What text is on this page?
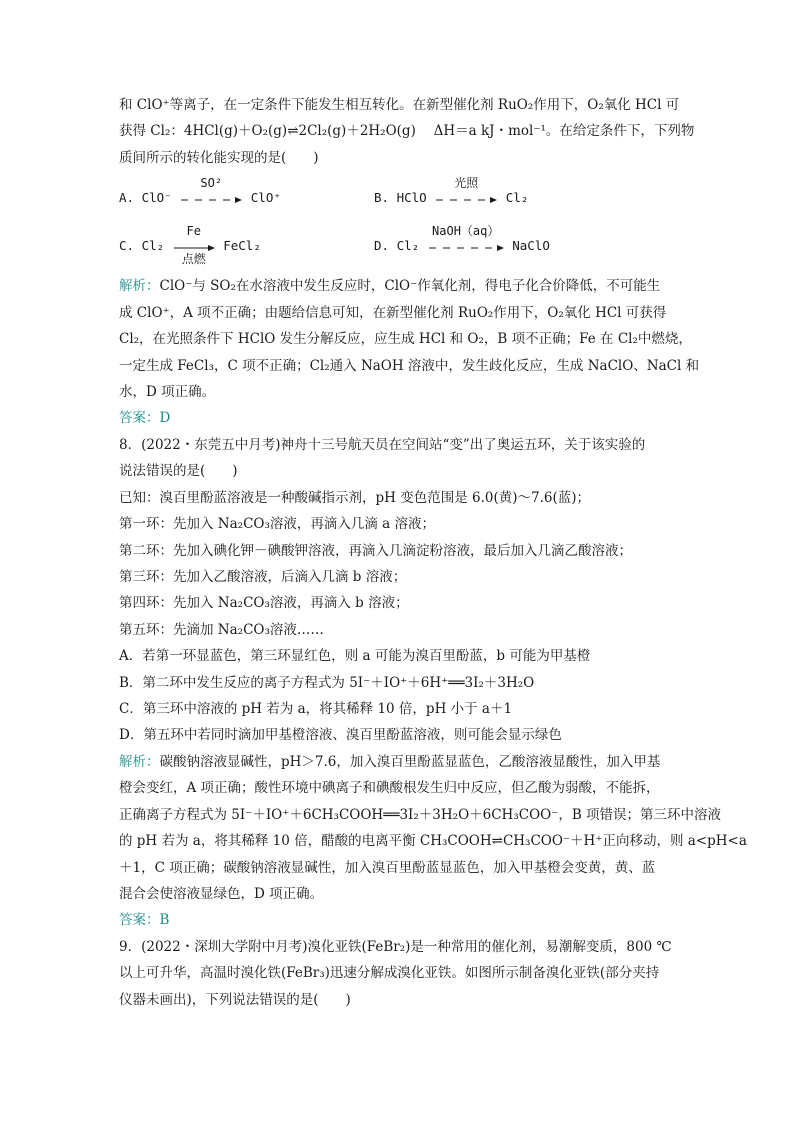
和 ClO⁺等离子，在一定条件下能发生相互转化。在新型催化剂 RuO₂作用下，O₂氧化 HCl 可
获得 Cl₂：4HCl(g)＋O₂(g)⇌2Cl₂(g)＋2H₂O(g)　 ΔH＝a kJ・mol⁻¹。在给定条件下，下列物
质间所示的转化能实现的是(　　)
A. ClO⁻
SO²
ClO⁺	B. HClO
光照
Cl₂
C. Cl₂
Fe
点燃
FeCl₂	D. Cl₂
NaOH（aq）
NaClO
解析：ClO⁻与 SO₂在水溶液中发生反应时，ClO⁻作氧化剂，得电子化合价降低，不可能生
成 ClO⁺，A 项不正确；由题给信息可知，在新型催化剂 RuO₂作用下，O₂氧化 HCl 可获得
Cl₂，在光照条件下 HClO 发生分解反应，应生成 HCl 和 O₂，B 项不正确；Fe 在 Cl₂中燃烧，
一定生成 FeCl₃，C 项不正确；Cl₂通入 NaOH 溶液中，发生歧化反应，生成 NaClO、NaCl 和
水，D 项正确。
答案：D
8．(2022・东莞五中月考)神舟十三号航天员在空间站“变”出了奥运五环，关于该实验的
说法错误的是(　　)
已知：溴百里酚蓝溶液是一种酸碱指示剂，pH 变色范围是 6.0(黄)～7.6(蓝)；
第一环：先加入 Na₂CO₃溶液，再滴入几滴 a 溶液；
第二环：先加入碘化钾－碘酸钾溶液，再滴入几滴淀粉溶液，最后加入几滴乙酸溶液；
第三环：先加入乙酸溶液，后滴入几滴 b 溶液；
第四环：先加入 Na₂CO₃溶液，再滴入 b 溶液；
第五环：先滴加 Na₂CO₃溶液……
A．若第一环显蓝色，第三环显红色，则 a 可能为溴百里酚蓝，b 可能为甲基橙
B．第二环中发生反应的离子方程式为 5I⁻＋IO⁺＋6H⁺══3I₂＋3H₂O
C．第三环中溶液的 pH 若为 a，将其稀释 10 倍，pH 小于 a＋1
D．第五环中若同时滴加甲基橙溶液、溴百里酚蓝溶液，则可能会显示绿色
解析：碳酸钠溶液显碱性，pH＞7.6，加入溴百里酚蓝显蓝色，乙酸溶液显酸性，加入甲基
橙会变红，A 项正确；酸性环境中碘离子和碘酸根发生归中反应，但乙酸为弱酸，不能拆，
正确离子方程式为 5I⁻＋IO⁺＋6CH₃COOH══3I₂＋3H₂O＋6CH₃COO⁻，B 项错误；第三环中溶液
的 pH 若为 a，将其稀释 10 倍，醋酸的电离平衡 CH₃COOH⇌CH₃COO⁻＋H⁺正向移动，则 a<pH<a
＋1，C 项正确；碳酸钠溶液显碱性，加入溴百里酚蓝显蓝色，加入甲基橙会变黄，黄、蓝
混合会使溶液显绿色，D 项正确。
答案：B
9．(2022・深圳大学附中月考)溴化亚铁(FeBr₂)是一种常用的催化剂，易潮解变质，800 ℃
以上可升华，高温时溴化铁(FeBr₃)迅速分解成溴化亚铁。如图所示制备溴化亚铁(部分夹持
仪器未画出)，下列说法错误的是(　　)
